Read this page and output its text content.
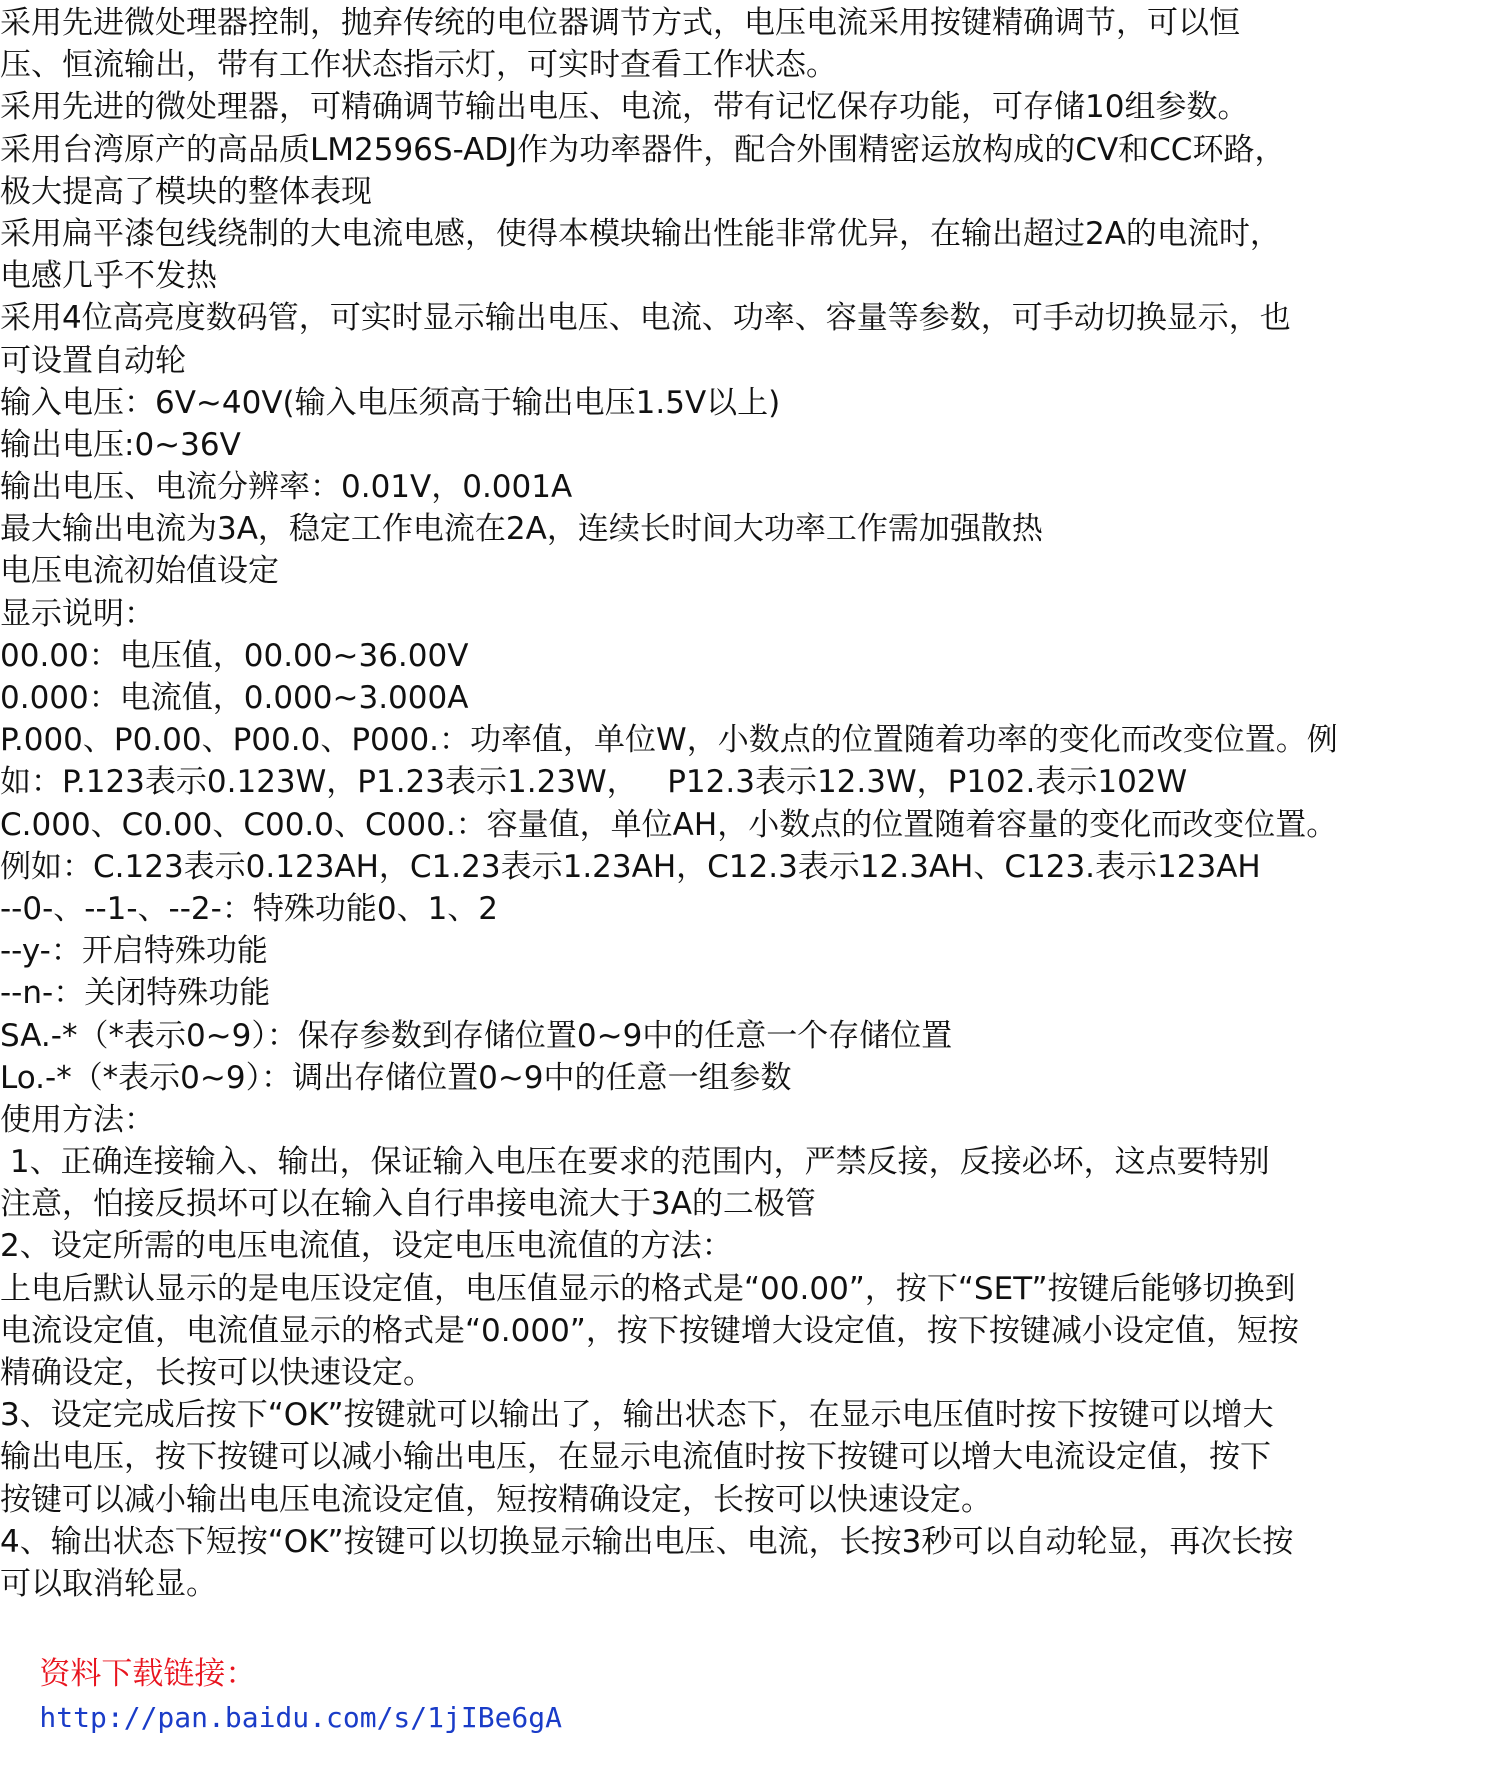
采用先进微处理器控制，抛弃传统的电位器调节方式，电压电流采用按键精确调节，可以恒
压、恒流输出，带有工作状态指示灯，可实时查看工作状态。
采用先进的微处理器，可精确调节输出电压、电流，带有记忆保存功能，可存储10组参数。
采用台湾原产的高品质LM2596S-ADJ作为功率器件，配合外围精密运放构成的CV和CC环路，
极大提高了模块的整体表现
采用扁平漆包线绕制的大电流电感，使得本模块输出性能非常优异，在输出超过2A的电流时，
电感几乎不发热
采用4位高亮度数码管，可实时显示输出电压、电流、功率、容量等参数，可手动切换显示，也
可设置自动轮
输入电压：6V~40V(输入电压须高于输出电压1.5V以上)
输出电压:0~36V
输出电压、电流分辨率：0.01V，0.001A
最大输出电流为3A，稳定工作电流在2A，连续长时间大功率工作需加强散热
电压电流初始值设定
显示说明：
00.00：电压值，00.00~36.00V
0.000：电流值，0.000~3.000A
P.000、P0.00、P00.0、P000.：功率值，单位W，小数点的位置随着功率的变化而改变位置。例
如：P.123表示0.123W，P1.23表示1.23W，   P12.3表示12.3W，P102.表示102W
C.000、C0.00、C00.0、C000.：容量值，单位AH，小数点的位置随着容量的变化而改变位置。
例如：C.123表示0.123AH，C1.23表示1.23AH，C12.3表示12.3AH、C123.表示123AH
--0-、--1-、--2-：特殊功能0、1、2
--y-：开启特殊功能
--n-：关闭特殊功能
SA.-*（*表示0~9）：保存参数到存储位置0~9中的任意一个存储位置
Lo.-*（*表示0~9）：调出存储位置0~9中的任意一组参数
使用方法：
1、正确连接输入、输出，保证输入电压在要求的范围内，严禁反接，反接必坏，这点要特别
注意，怕接反损坏可以在输入自行串接电流大于3A的二极管
2、设定所需的电压电流值，设定电压电流值的方法：
上电后默认显示的是电压设定值，电压值显示的格式是“00.00”，按下“SET”按键后能够切换到
电流设定值，电流值显示的格式是“0.000”，按下按键增大设定值，按下按键减小设定值，短按
精确设定，长按可以快速设定。
3、设定完成后按下“OK”按键就可以输出了，输出状态下，在显示电压值时按下按键可以增大
输出电压，按下按键可以减小输出电压，在显示电流值时按下按键可以增大电流设定值，按下
按键可以减小输出电压电流设定值，短按精确设定，长按可以快速设定。
4、输出状态下短按“OK”按键可以切换显示输出电压、电流，长按3秒可以自动轮显，再次长按
可以取消轮显。

资料下载链接：
http://pan.baidu.com/s/1jIBe6gA
